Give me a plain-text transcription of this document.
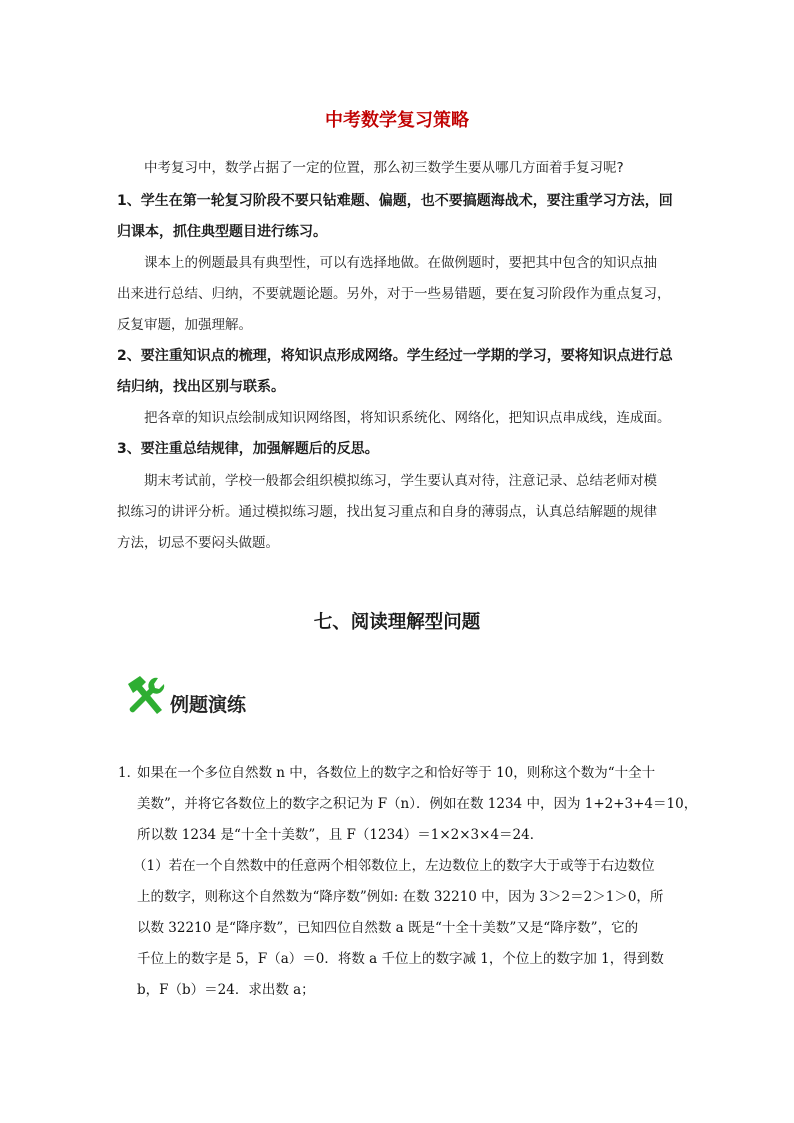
中考数学复习策略
中考复习中，数学占据了一定的位置，那么初三数学生要从哪几方面着手复习呢?
1、学生在第一轮复习阶段不要只钻难题、偏题，也不要搞题海战术，要注重学习方法，回
归课本，抓住典型题目进行练习。
课本上的例题最具有典型性，可以有选择地做。在做例题时，要把其中包含的知识点抽
出来进行总结、归纳，不要就题论题。另外，对于一些易错题，要在复习阶段作为重点复习，
反复审题，加强理解。
2、要注重知识点的梳理，将知识点形成网络。学生经过一学期的学习，要将知识点进行总
结归纳，找出区别与联系。
把各章的知识点绘制成知识网络图，将知识系统化、网络化，把知识点串成线，连成面。
3、要注重总结规律，加强解题后的反思。
期末考试前，学校一般都会组织模拟练习，学生要认真对待，注意记录、总结老师对模
拟练习的讲评分析。通过模拟练习题，找出复习重点和自身的薄弱点，认真总结解题的规律
方法，切忌不要闷头做题。
七、阅读理解型问题
例题演练
1．
如果在一个多位自然数 n 中，各数位上的数字之和恰好等于 10，则称这个数为“十全十
美数”，并将它各数位上的数字之积记为 F（n）．例如在数 1234 中，因为 1+2+3+4＝10，
所以数 1234 是“十全十美数”，且 F（1234）＝1×2×3×4＝24．
（1）若在一个自然数中的任意两个相邻数位上，左边数位上的数字大于或等于右边数位
上的数字，则称这个自然数为“降序数”例如: 在数 32210 中，因为 3＞2＝2＞1＞0，所
以数 32210 是“降序数”，已知四位自然数 a 既是“十全十美数”又是“降序数”，它的
千位上的数字是 5，F（a）＝0．将数 a 千位上的数字减 1，个位上的数字加 1，得到数
b，F（b）＝24．求出数 a；
